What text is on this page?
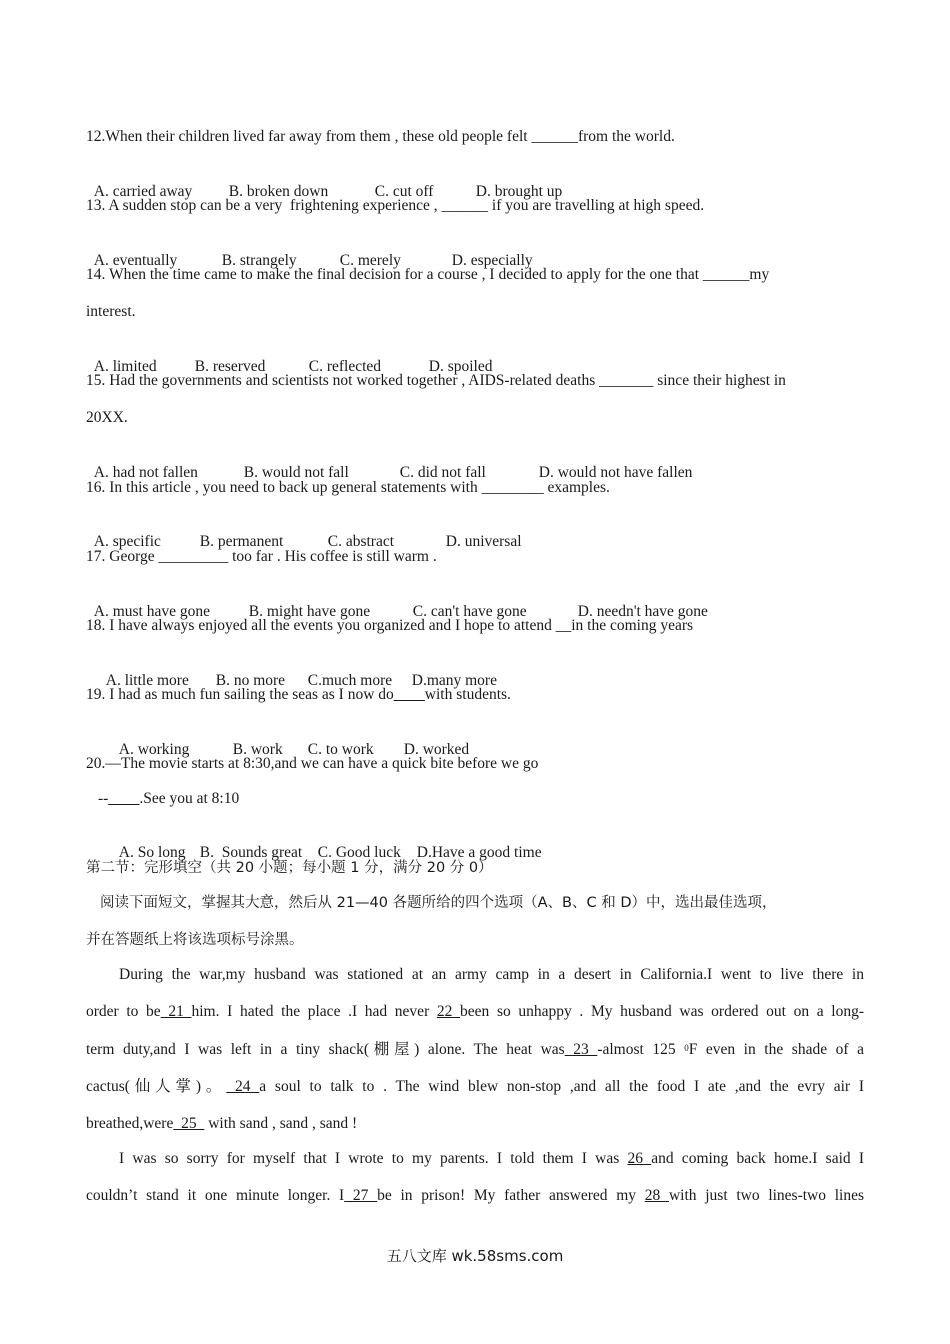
12.When their children lived far away from them , these old people felt ______from the world.

A. carried away B. broken down	C. cut off	D. brought up

13. A sudden stop can be a very  frightening experience , ______ if you are travelling at high speed.

A. eventually	B. strangely	C. merely	D. especially

14. When the time came to make the final decision for a course , I decided to apply for the one that ______my
interest.

A. limited B. reserved	C. reflected	D. spoiled

15. Had the governments and scientists not worked together , AIDS-related deaths _______ since their highest in
20XX.

A. had not fallen	B. would not fall	C. did not fall	D. would not have fallen

16. In this article , you need to back up general statements with ________ examples.

A. specific	B. permanent	C. abstract	D. universal

17. George _________ too far . His coffee is still warm .

A. must have gone	B. might have gone	C. can't have gone	D. needn't have gone

18. I have always enjoyed all the events you organized and I hope to attend __in the coming years

A. little more B. no more C.much more D.many more

19. I had as much fun sailing the seas as I now do____with students.

A. working	B. work C. to work D. worked

20.—The movie starts at 8:30,and we can have a quick bite before we go
--____.See you at 8:10

A. So long B.  Sounds great C. Good luck D.Have a good time

第二节：完形填空（共 20 小题；每小题 1 分，满分 20 分 0）
阅读下面短文，掌握其大意，然后从 21—40 各题所给的四个选项（A、B、C 和 D）中，选出最佳选项，
并在答题纸上将该选项标号涂黑。
During the war,my husband was stationed at an army camp in a desert in California.I went to live there in
order to be 21 him. I hated the place .I had never 22 been so unhappy . My husband was ordered out on a long-
term duty,and I was left in a tiny shack(棚屋) alone. The heat was 23 -almost 125 $^0$F even in the shade of a
cactus(仙人掌)。 24 a soul to talk to . The wind blew non-stop ,and all the food I ate ,and the evry air I
breathed,were  25   with sand , sand , sand !
I was so sorry for myself that I wrote to my parents. I told them I was 26 and coming back home.I said I
couldn’t stand it one minute longer. I 27 be in prison! My father answered my 28 with just two lines-two lines
五八文库 wk.58sms.com
